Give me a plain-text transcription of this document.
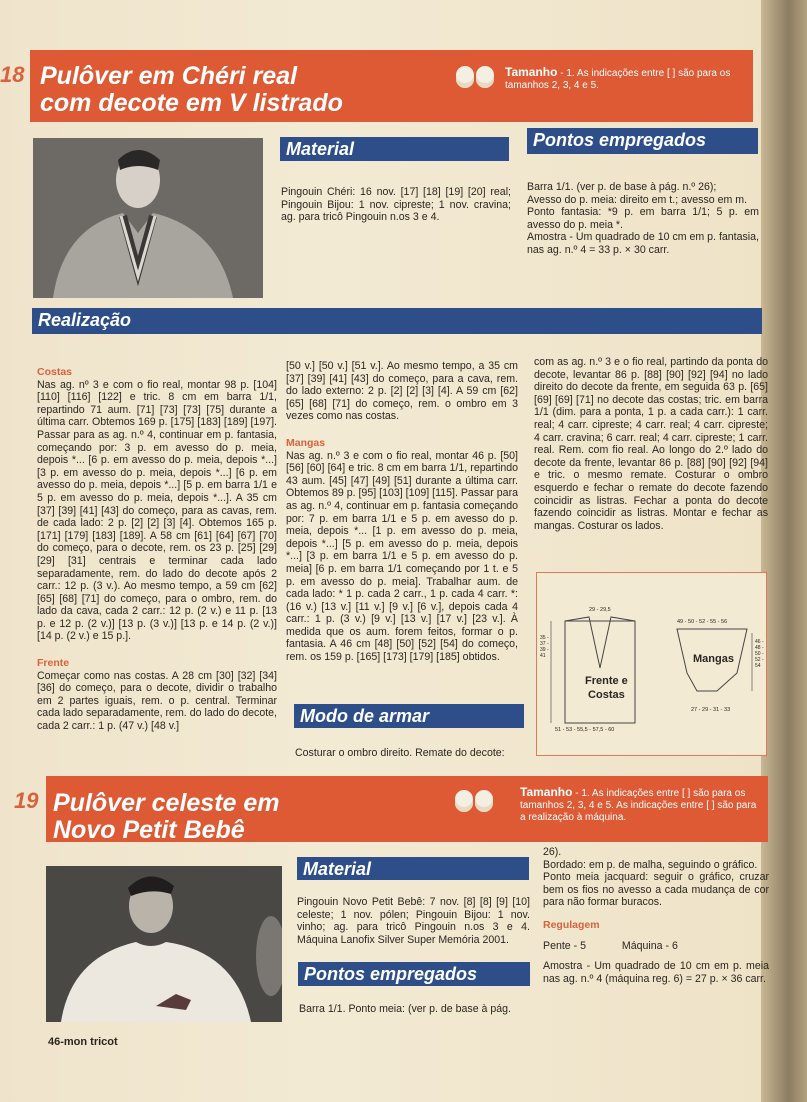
18 Pulôver em Chéri real
com decote em V listrado
Tamanho - 1. As indicações entre [ ] são para os tamanhos 2, 3, 4 e 5.
Material
Pingouin Chéri: 16 nov. [17] [18] [19] [20] real; Pingouin Bijou: 1 nov. cipreste; 1 nov. cravina; ag. para tricô Pingouin n.os 3 e 4.
Pontos empregados

Barra 1/1. (ver p. de base à pág. n.º 26);

Avesso do p. meia: direito em t.; avesso em m.

Ponto fantasia: *9 p. em barra 1/1; 5 p. em avesso do p. meia *.

Amostra - Um quadrado de 10 cm em p. fantasia, nas ag. n.º 4 = 33 p. × 30 carr.

Realização
Costas

Nas ag. nº 3 e com o fio real, montar 98 p. [104] [110] [116] [122] e tric. 8 cm em barra 1/1, repartindo 71 aum. [71] [73] [73] [75] durante a última carr. Obtemos 169 p. [175] [183] [189] [197]. Passar para as ag. n.º 4, continuar em p. fantasia, começando por: 3 p. em avesso do p. meia, depois *... [6 p. em avesso do p. meia, depois *...] [3 p. em avesso do p. meia, depois *...] [6 p. em avesso do p. meia, depois *...] [5 p. em barra 1/1 e 5 p. em avesso do p. meia, depois *...]. A 35 cm [37] [39] [41] [43] do começo, para as cavas, rem. de cada lado: 2 p. [2] [2] [3] [4]. Obtemos 165 p. [171] [179] [183] [189]. A 58 cm [61] [64] [67] [70] do começo, para o decote, rem. os 23 p. [25] [29] [29] [31] centrais e terminar cada lado separadamente, rem. do lado do decote após 2 carr.: 12 p. (3 v.). Ao mesmo tempo, a 59 cm [62] [65] [68] [71] do começo, para o ombro, rem. do lado da cava, cada 2 carr.: 12 p. (2 v.) e 11 p. [13 p. e 12 p. (2 v.)] [13 p. (3 v.)] [13 p. e 14 p. (2 v.)] [14 p. (2 v.) e 15 p.].

Frente

Começar como nas costas. A 28 cm [30] [32] [34] [36] do começo, para o decote, dividir o trabalho em 2 partes iguais, rem. o p. central. Terminar cada lado separadamente, rem. do lado do decote, cada 2 carr.: 1 p. (47 v.) [48 v.]

[50 v.] [50 v.] [51 v.]. Ao mesmo tempo, a 35 cm [37] [39] [41] [43] do começo, para a cava, rem. do lado externo: 2 p. [2] [2] [3] [4]. A 59 cm [62] [65] [68] [71] do começo, rem. o ombro em 3 vezes como nas costas.

Mangas

Nas ag. n.º 3 e com o fio real, montar 46 p. [50] [56] [60] [64] e tric. 8 cm em barra 1/1, repartindo 43 aum. [45] [47] [49] [51] durante a última carr. Obtemos 89 p. [95] [103] [109] [115]. Passar para as ag. n.º 4, continuar em p. fantasia começando por: 7 p. em barra 1/1 e 5 p. em avesso do p. meia, depois *... [1 p. em avesso do p. meia, depois *...] [5 p. em avesso do p. meia, depois *...] [3 p. em barra 1/1 e 5 p. em avesso do p. meia] [6 p. em barra 1/1 começando por 1 t. e 5 p. em avesso do p. meia]. Trabalhar aum. de cada lado: * 1 p. cada 2 carr., 1 p. cada 4 carr. *: (16 v.) [13 v.] [11 v.] [9 v.] [6 v.], depois cada 4 carr.: 1 p. (3 v.) [9 v.] [13 v.] [17 v.] [23 v.]. À medida que os aum. forem feitos, formar o p. fantasia. A 46 cm [48] [50] [52] [54] do começo, rem. os 159 p. [165] [173] [179] [185] obtidos.

Modo de armar
Costurar o ombro direito. Remate do decote:
com as ag. n.º 3 e o fio real, partindo da ponta do decote, levantar 86 p. [88] [90] [92] [94] no lado direito do decote da frente, em seguida 63 p. [65] [69] [69] [71] no decote das costas; tric. em barra 1/1 (dim. para a ponta, 1 p. a cada carr.): 1 carr. real; 4 carr. cipreste; 4 carr. real; 4 carr. cipreste; 4 carr. cravina; 6 carr. real; 4 carr. cipreste; 1 carr. real. Rem. com fio real. Ao longo do 2.º lado do decote da frente, levantar 86 p. [88] [90] [92] [94] e tric. o mesmo remate. Costurar o ombro esquerdo e fechar o remate do decote fazendo coincidir as listras. Fechar a ponta do decote fazendo coincidir as listras. Montar e fechar as mangas. Costurar os lados.
Frente e
Costas
Mangas
29 - 29,5
51 - 53 - 55,5 - 57,5 - 60
49 - 50 - 52 - 55 - 56
27 - 29 - 31 - 33
35 - 37 - 39 - 41
46 - 48 - 50 - 52 - 54
19 Pulôver celeste em
Novo Petit Bebê
Tamanho - 1. As indicações entre [ ] são para os tamanhos 2, 3, 4 e 5. As indicações entre [ ] são para a realização à máquina.
Material
Pingouin Novo Petit Bebê: 7 nov. [8] [8] [9] [10] celeste; 1 nov. pólen; Pingouin Bijou: 1 nov. vinho; ag. para tricô Pingouin n.os 3 e 4. Máquina Lanofix Silver Super Memória 2001.
Pontos empregados
Barra 1/1. Ponto meia: (ver p. de base à pág.

26).

Bordado: em p. de malha, seguindo o gráfico.

Ponto meia jacquard: seguir o gráfico, cruzar bem os fios no avesso a cada mudança de cor para não formar buracos.

Regulagem

Pente - 5	Máquina - 6

Amostra - Um quadrado de 10 cm em p. meia nas ag. n.º 4 (máquina reg. 6) = 27 p. × 36 carr.

46-mon tricot
